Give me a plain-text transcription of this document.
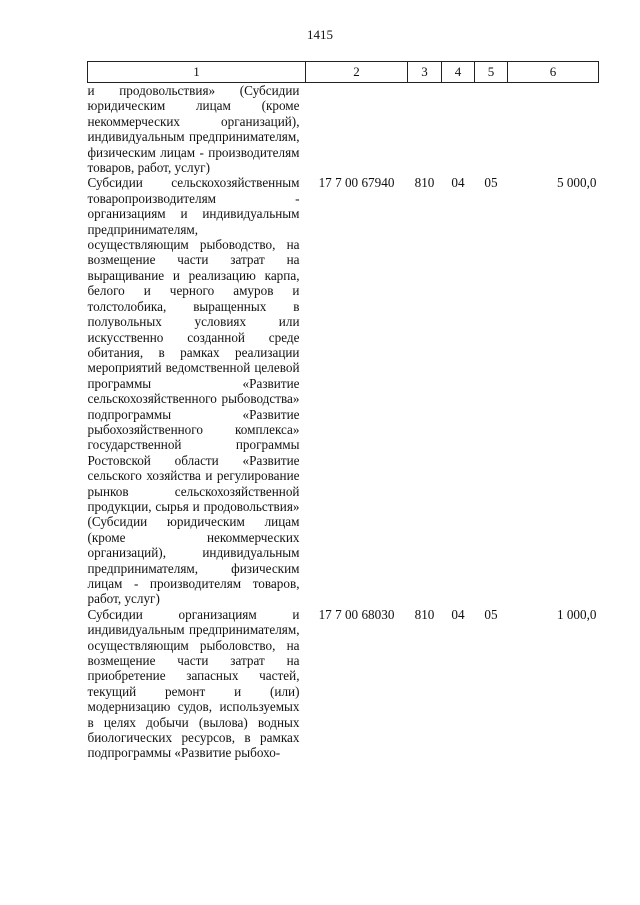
1415
1	2	3	4	5	6
и продовольствия» (Субсидии юридическим лицам (кроме некоммерческих организаций), индивидуальным предпринимателям, физическим лицам - производителям товаров, работ, услуг)					
Субсидии сельскохозяйственным товаропроизводителям - организациям и индивидуальным предпринимателям, осуществляющим рыбоводство, на возмещение части затрат на выращивание и реализацию карпа, белого и черного амуров и толстолобика, выращенных в полувольных условиях или искусственно созданной среде обитания, в рамках реализации мероприятий ведомственной целевой программы «Развитие сельскохозяйственного рыбоводства» подпрограммы «Развитие рыбохозяйственного комплекса» государственной программы Ростовской области «Развитие сельского хозяйства и регулирование рынков сельскохозяйственной продукции, сырья и продовольствия» (Субсидии юридическим лицам (кроме некоммерческих организаций), индивидуальным предпринимателям, физическим лицам - производителям товаров, работ, услуг)	17 7 00 67940	810	04	05	5 000,0
Субсидии организациям и индивидуальным предпринимателям, осуществляющим рыболовство, на возмещение части затрат на приобретение запасных частей, текущий ремонт и (или) модернизацию судов, используемых в целях добычи (вылова) водных биологических ресурсов, в рамках подпрограммы «Развитие рыбохо-	17 7 00 68030	810	04	05	1 000,0
